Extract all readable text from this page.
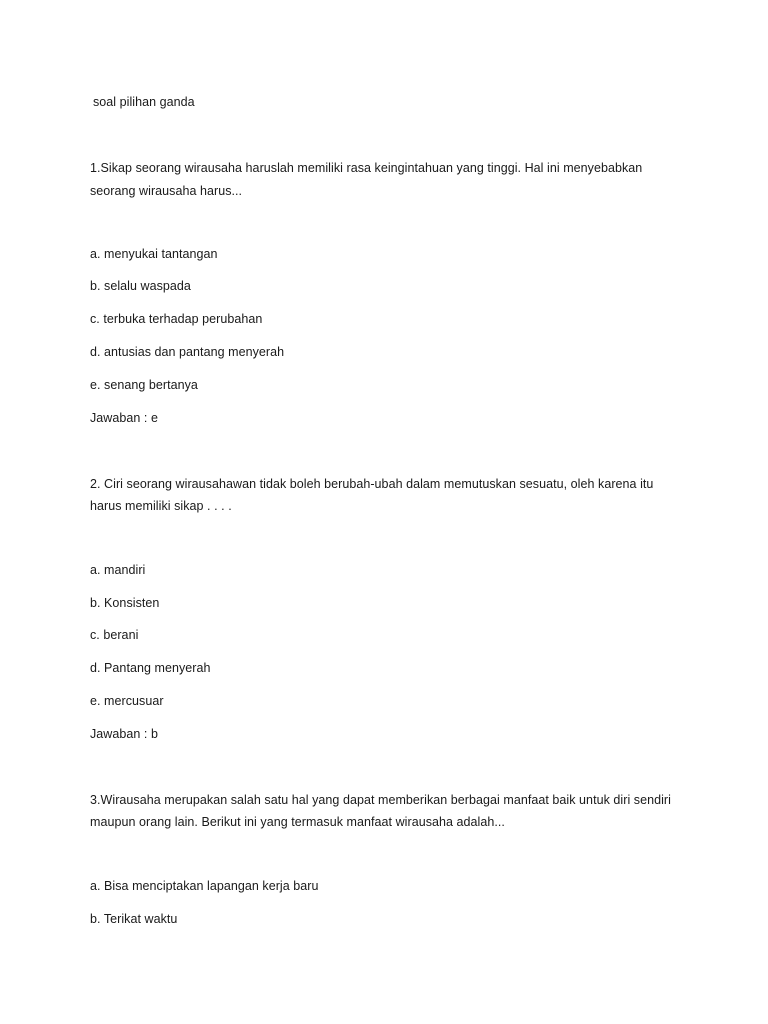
soal pilihan ganda
1.Sikap seorang wirausaha haruslah memiliki rasa keingintahuan yang tinggi. Hal ini menyebabkan
seorang wirausaha harus...
a. menyukai tantangan
b. selalu waspada
c. terbuka terhadap perubahan
d. antusias dan pantang menyerah
e. senang bertanya
Jawaban : e
2. Ciri seorang wirausahawan tidak boleh berubah-ubah dalam memutuskan sesuatu, oleh karena itu
harus memiliki sikap . . . .
a. mandiri
b. Konsisten
c. berani
d. Pantang menyerah
e. mercusuar
Jawaban : b
3.Wirausaha merupakan salah satu hal yang dapat memberikan berbagai manfaat baik untuk diri sendiri
maupun orang lain. Berikut ini yang termasuk manfaat wirausaha adalah...
a. Bisa menciptakan lapangan kerja baru
b. Terikat waktu
